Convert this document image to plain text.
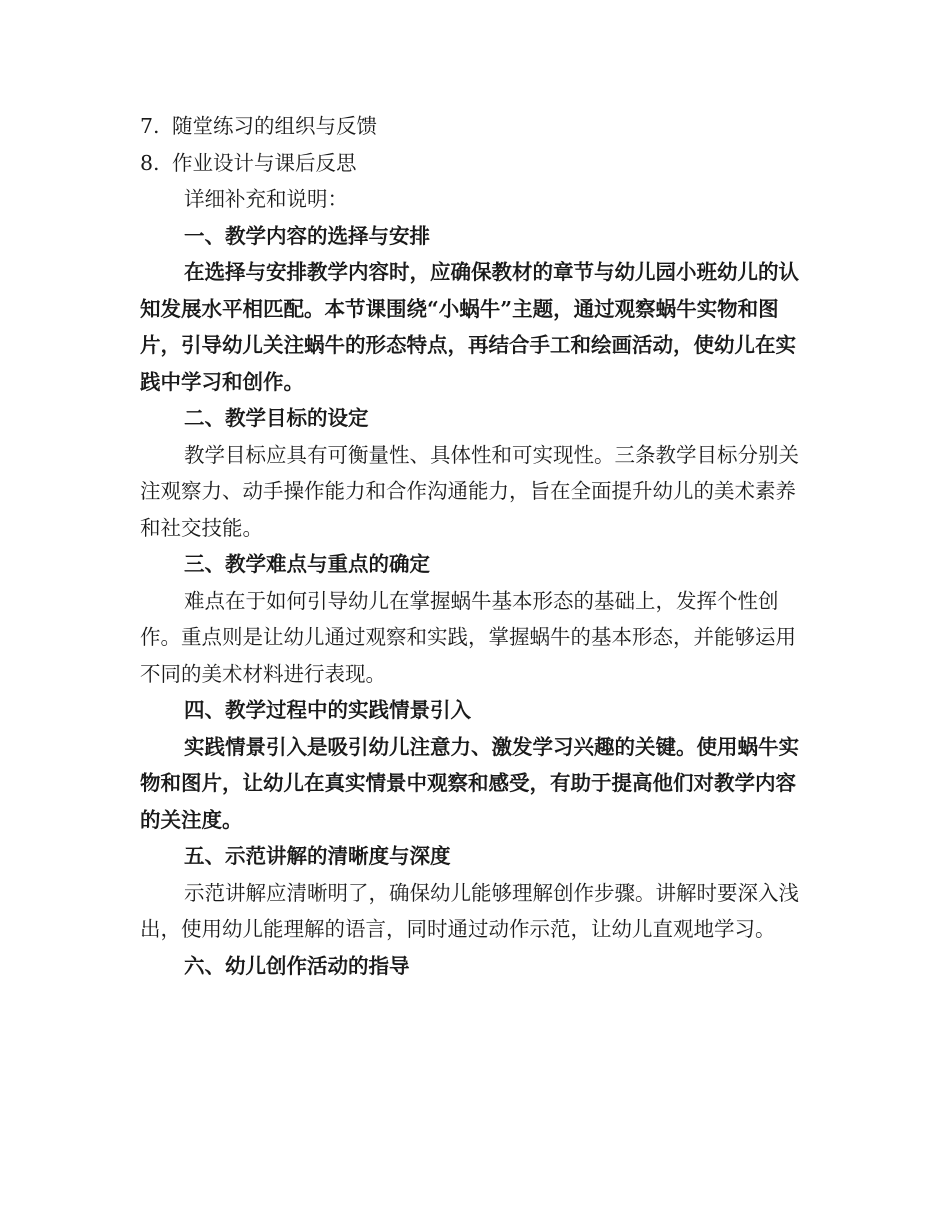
7. 随堂练习的组织与反馈

8. 作业设计与课后反思

详细补充和说明：

一、教学内容的选择与安排

在选择与安排教学内容时，应确保教材的章节与幼儿园小班幼儿的认知发展水平相匹配。本节课围绕“小蜗牛”主题，通过观察蜗牛实物和图片，引导幼儿关注蜗牛的形态特点，再结合手工和绘画活动，使幼儿在实践中学习和创作。

二、教学目标的设定

教学目标应具有可衡量性、具体性和可实现性。三条教学目标分别关注观察力、动手操作能力和合作沟通能力，旨在全面提升幼儿的美术素养和社交技能。

三、教学难点与重点的确定

难点在于如何引导幼儿在掌握蜗牛基本形态的基础上，发挥个性创作。重点则是让幼儿通过观察和实践，掌握蜗牛的基本形态，并能够运用不同的美术材料进行表现。

四、教学过程中的实践情景引入

实践情景引入是吸引幼儿注意力、激发学习兴趣的关键。使用蜗牛实物和图片，让幼儿在真实情景中观察和感受，有助于提高他们对教学内容的关注度。

五、示范讲解的清晰度与深度

示范讲解应清晰明了，确保幼儿能够理解创作步骤。讲解时要深入浅出，使用幼儿能理解的语言，同时通过动作示范，让幼儿直观地学习。

六、幼儿创作活动的指导
